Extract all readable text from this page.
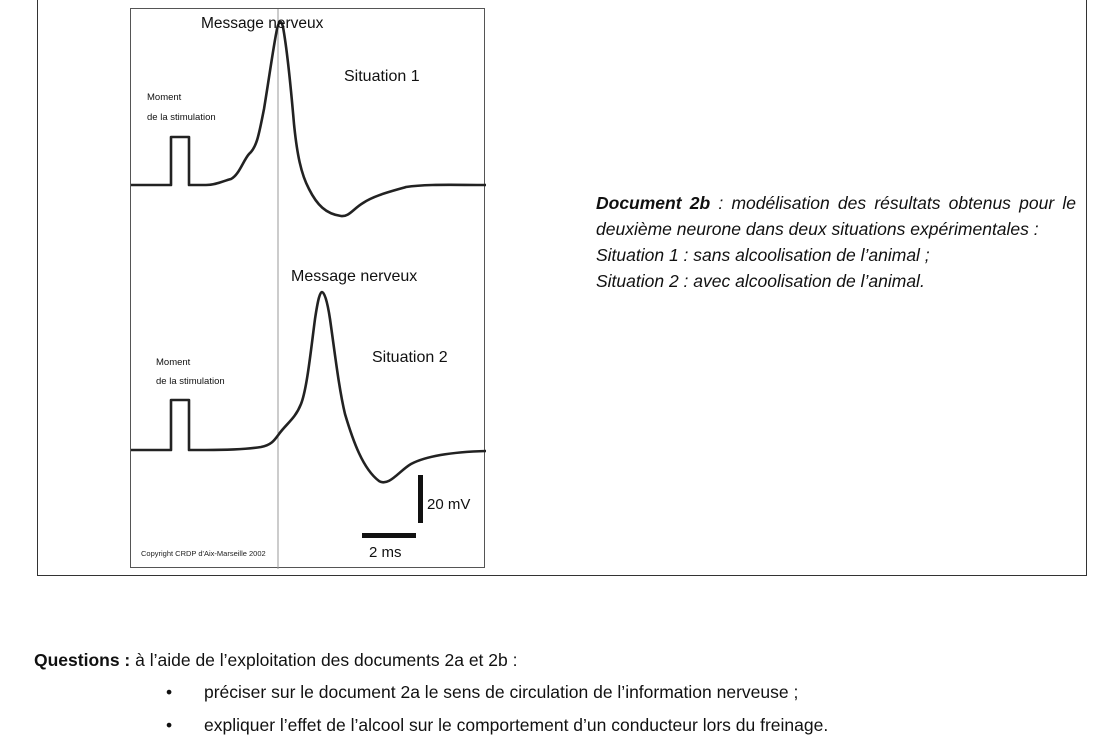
Message nerveux
Situation 1
Moment
de la stimulation
Message nerveux
Situation 2
Moment
de la stimulation
20 mV
2 ms
Copyright CRDP d'Aix-Marseille 2002
Document 2b : modélisation des résultats obtenus pour le deuxième neurone dans deux situations expérimentales :
Situation 1 : sans alcoolisation de l’animal ;
Situation 2 : avec alcoolisation de l’animal.
Questions : à l’aide de l’exploitation des documents 2a et 2b :
• préciser sur le document 2a le sens de circulation de l’information nerveuse ;
• expliquer l’effet de l’alcool sur le comportement d’un conducteur lors du freinage.
